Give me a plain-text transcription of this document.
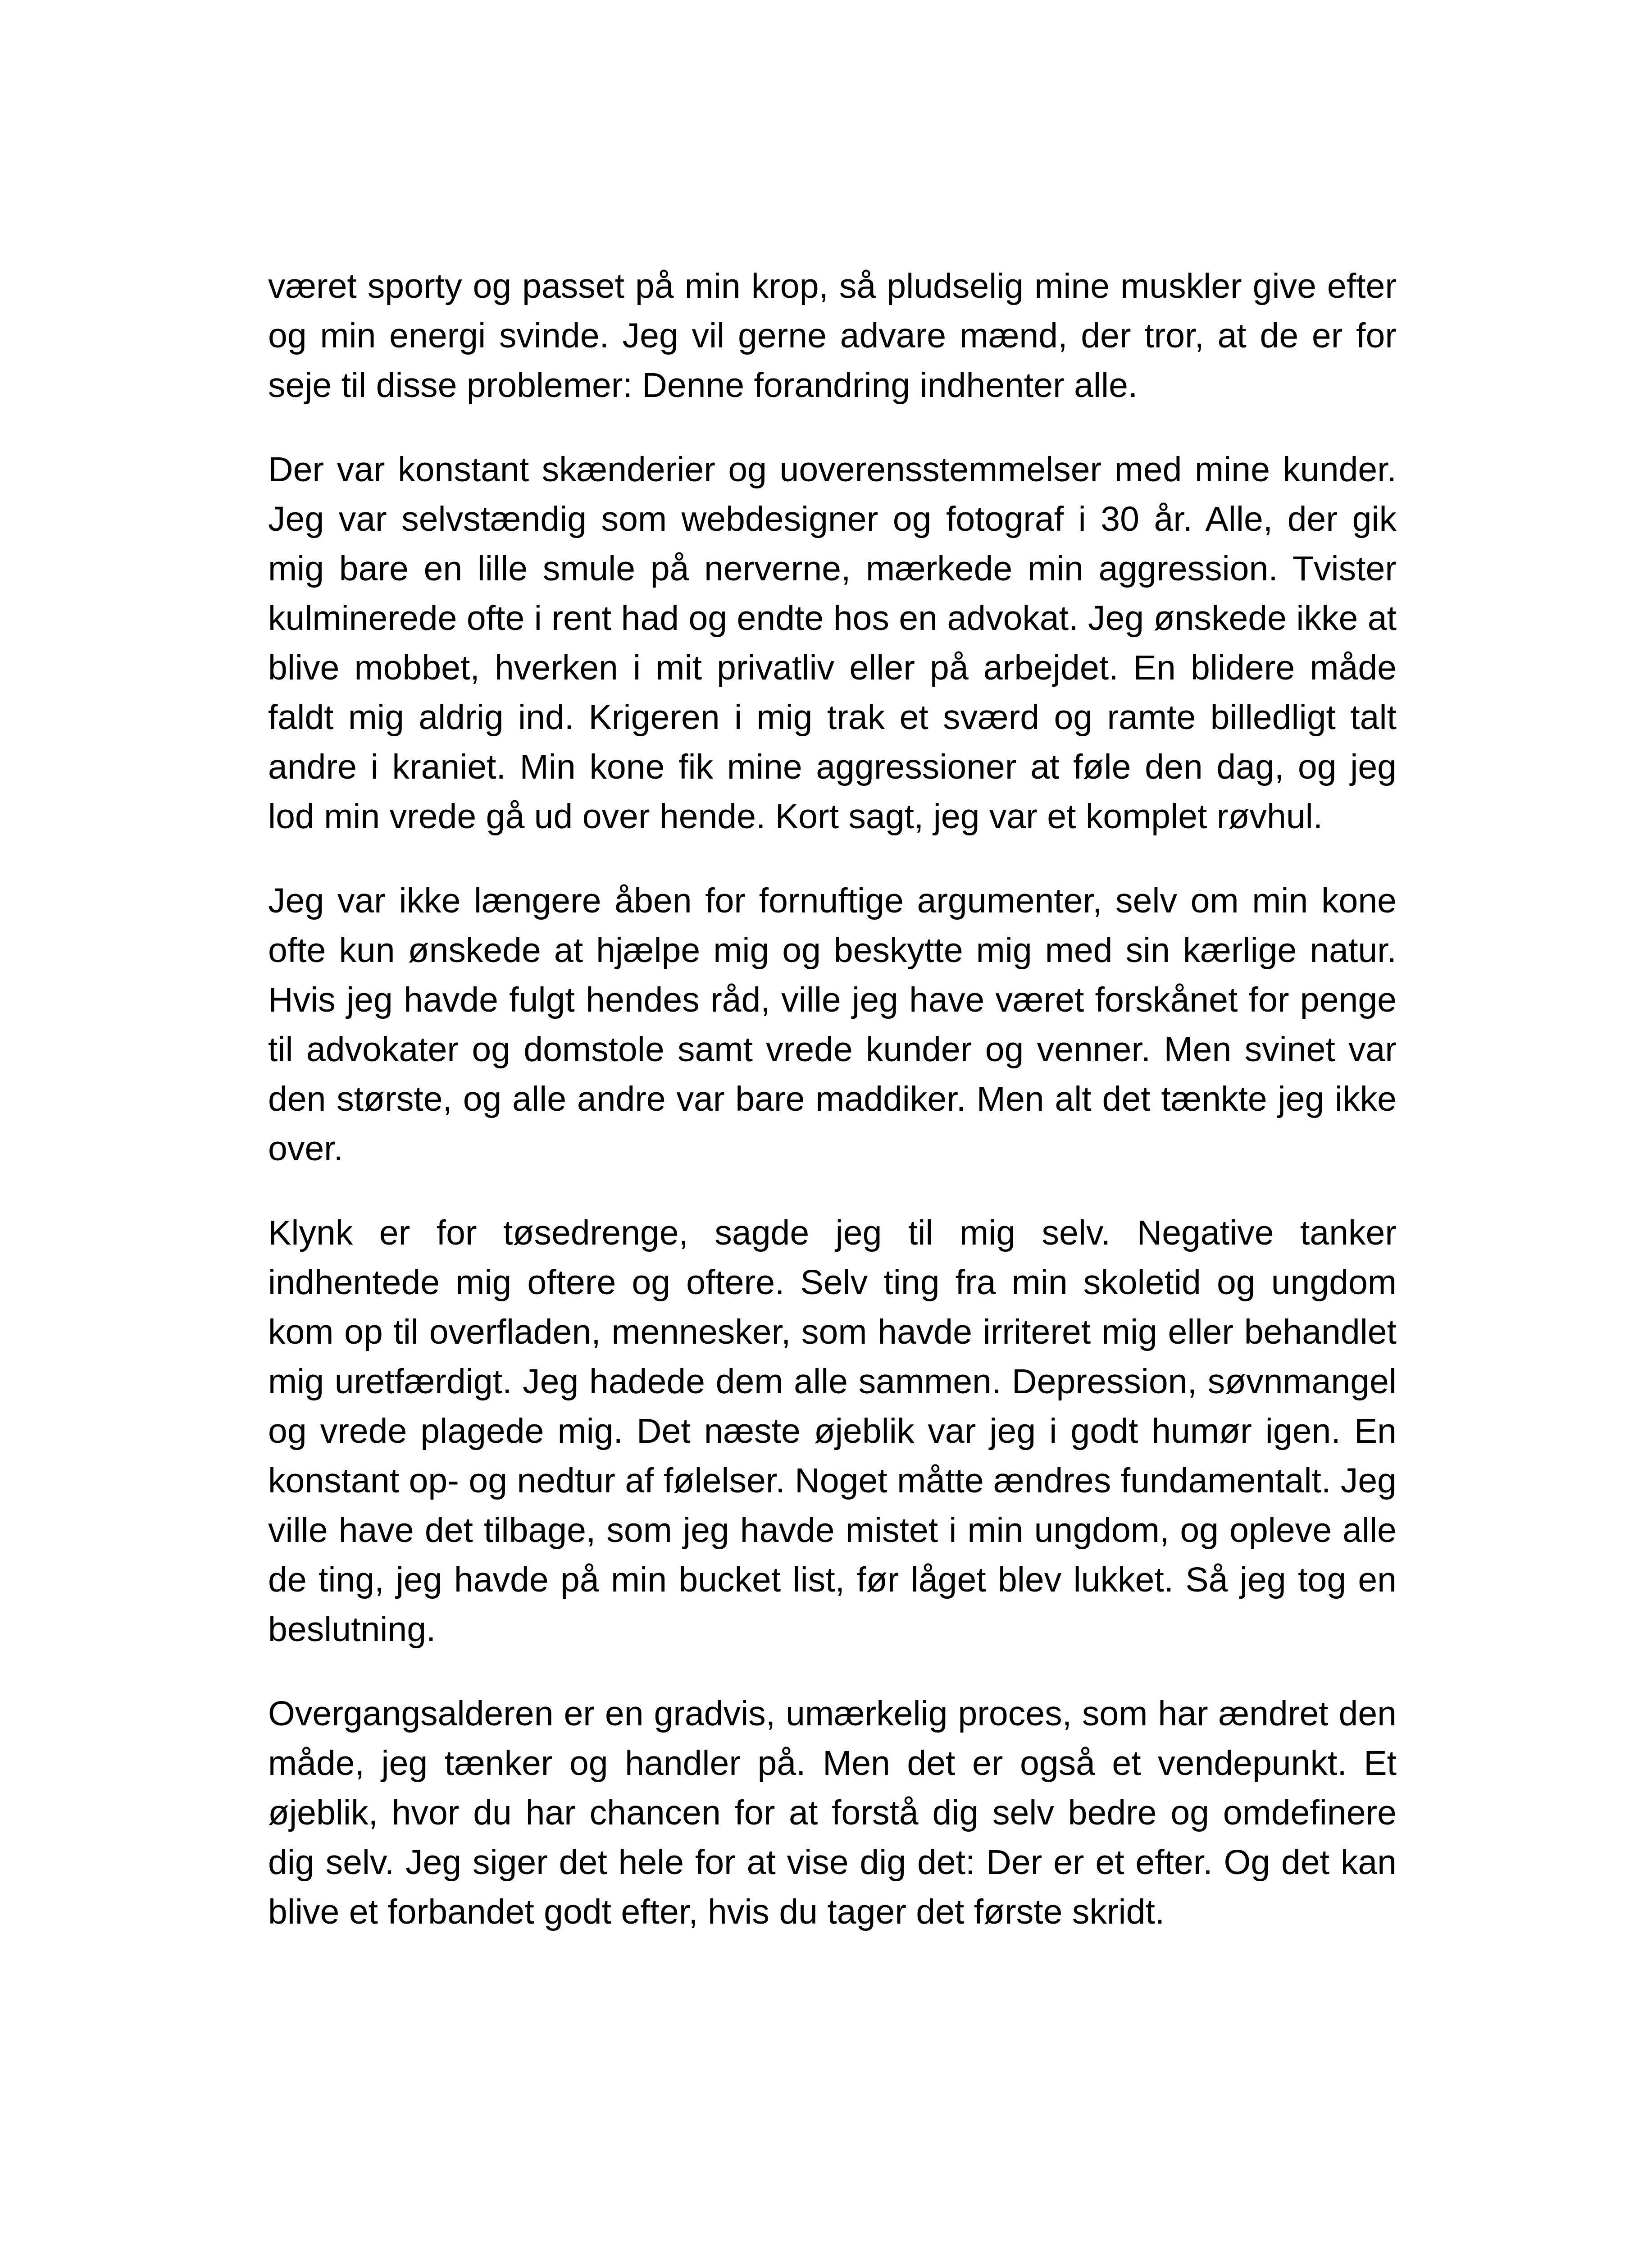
været sporty og passet på min krop, så pludselig mine muskler give efter og min energi svinde. Jeg vil gerne advare mænd, der tror, at de er for seje til disse problemer: Denne forandring indhenter alle.

Der var konstant skænderier og uoverensstemmelser med mine kunder. Jeg var selvstændig som webdesigner og fotograf i 30 år. Alle, der gik mig bare en lille smule på nerverne, mærkede min aggression. Tvister kulminerede ofte i rent had og endte hos en advokat. Jeg ønskede ikke at blive mobbet, hverken i mit privatliv eller på arbejdet. En blidere måde faldt mig aldrig ind. Krigeren i mig trak et sværd og ramte billedligt talt andre i kraniet. Min kone fik mine aggressioner at føle den dag, og jeg lod min vrede gå ud over hende. Kort sagt, jeg var et komplet røvhul.

Jeg var ikke længere åben for fornuftige argumenter, selv om min kone ofte kun ønskede at hjælpe mig og beskytte mig med sin kærlige natur. Hvis jeg havde fulgt hendes råd, ville jeg have været forskånet for penge til advokater og domstole samt vrede kunder og venner. Men svinet var den største, og alle andre var bare maddiker. Men alt det tænkte jeg ikke over.

Klynk er for tøsedrenge, sagde jeg til mig selv. Negative tanker indhentede mig oftere og oftere. Selv ting fra min skoletid og ungdom kom op til overfladen, mennesker, som havde irriteret mig eller behandlet mig uretfærdigt. Jeg hadede dem alle sammen. Depression, søvnmangel og vrede plagede mig. Det næste øjeblik var jeg i godt humør igen. En konstant op- og nedtur af følelser. Noget måtte ændres fundamentalt. Jeg ville have det tilbage, som jeg havde mistet i min ungdom, og opleve alle de ting, jeg havde på min bucket list, før låget blev lukket. Så jeg tog en beslutning.

Overgangsalderen er en gradvis, umærkelig proces, som har ændret den måde, jeg tænker og handler på. Men det er også et vendepunkt. Et øjeblik, hvor du har chancen for at forstå dig selv bedre og omdefinere dig selv. Jeg siger det hele for at vise dig det: Der er et efter. Og det kan blive et forbandet godt efter, hvis du tager det første skridt.
